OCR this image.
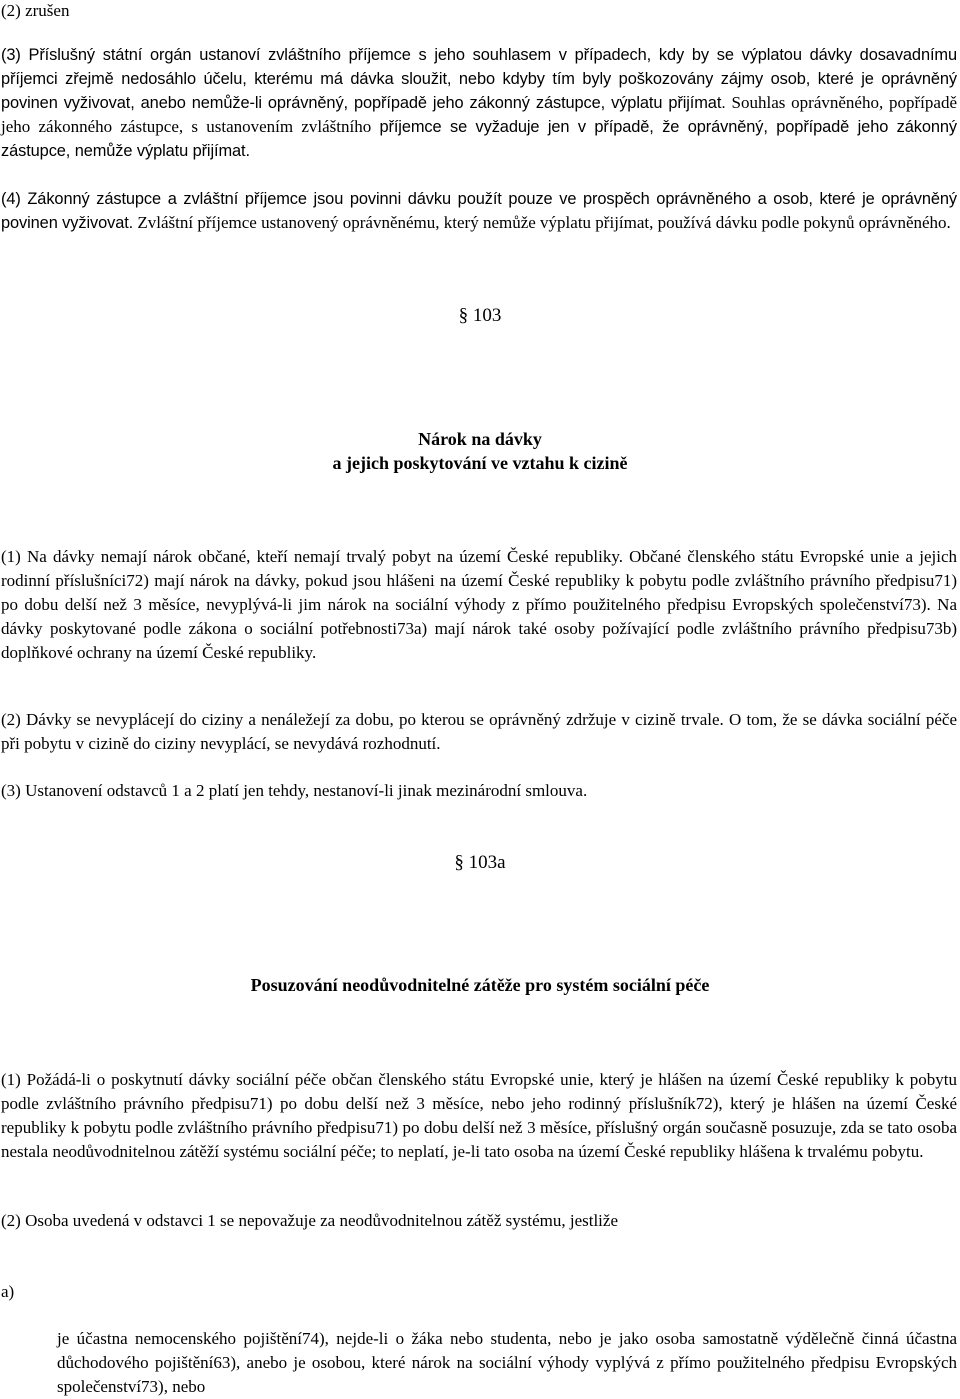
(2) zrušen

(3) Příslušný státní orgán ustanoví zvláštního příjemce s jeho souhlasem v případech, kdy by se výplatou dávky dosavadnímu příjemci zřejmě nedosáhlo účelu, kterému má dávka sloužit, nebo kdyby tím byly poškozovány zájmy osob, které je oprávněný povinen vyživovat, anebo nemůže-li oprávněný, popřípadě jeho zákonný zástupce, výplatu přijímat. Souhlas oprávněného, popřípadě jeho zákonného zástupce, s ustanovením zvláštního příjemce se vyžaduje jen v případě, že oprávněný, popřípadě jeho zákonný zástupce, nemůže výplatu přijímat.

(4) Zákonný zástupce a zvláštní příjemce jsou povinni dávku použít pouze ve prospěch oprávněného a osob, které je oprávněný povinen vyživovat. Zvláštní příjemce ustanovený oprávněnému, který nemůže výplatu přijímat, používá dávku podle pokynů oprávněného.

§ 103

Nárok na dávky

a jejich poskytování ve vztahu k cizině

(1) Na dávky nemají nárok občané, kteří nemají trvalý pobyt na území České republiky. Občané členského státu Evropské unie a jejich rodinní příslušníci72) mají nárok na dávky, pokud jsou hlášeni na území České republiky k pobytu podle zvláštního právního předpisu71) po dobu delší než 3 měsíce, nevyplývá-li jim nárok na sociální výhody z přímo použitelného předpisu Evropských společenství73). Na dávky poskytované podle zákona o sociální potřebnosti73a) mají nárok také osoby požívající podle zvláštního právního předpisu73b) doplňkové ochrany na území České republiky.

(2) Dávky se nevyplácejí do ciziny a nenáležejí za dobu, po kterou se oprávněný zdržuje v cizině trvale. O tom, že se dávka sociální péče při pobytu v cizině do ciziny nevyplácí, se nevydává rozhodnutí.

(3) Ustanovení odstavců 1 a 2 platí jen tehdy, nestanoví-li jinak mezinárodní smlouva.

§ 103a

Posuzování neodůvodnitelné zátěže pro systém sociální péče

(1) Požádá-li o poskytnutí dávky sociální péče občan členského státu Evropské unie, který je hlášen na území České republiky k pobytu podle zvláštního právního předpisu71) po dobu delší než 3 měsíce, nebo jeho rodinný příslušník72), který je hlášen na území České republiky k pobytu podle zvláštního právního předpisu71) po dobu delší než 3 měsíce, příslušný orgán současně posuzuje, zda se tato osoba nestala neodůvodnitelnou zátěží systému sociální péče; to neplatí, je-li tato osoba na území České republiky hlášena k trvalému pobytu.

(2) Osoba uvedená v odstavci 1 se nepovažuje za neodůvodnitelnou zátěž systému, jestliže

a)

je účastna nemocenského pojištění74), nejde-li o žáka nebo studenta, nebo je jako osoba samostatně výdělečně činná účastna důchodového pojištění63), anebo je osobou, které nárok na sociální výhody vyplývá z přímo použitelného předpisu Evropských společenství73), nebo
